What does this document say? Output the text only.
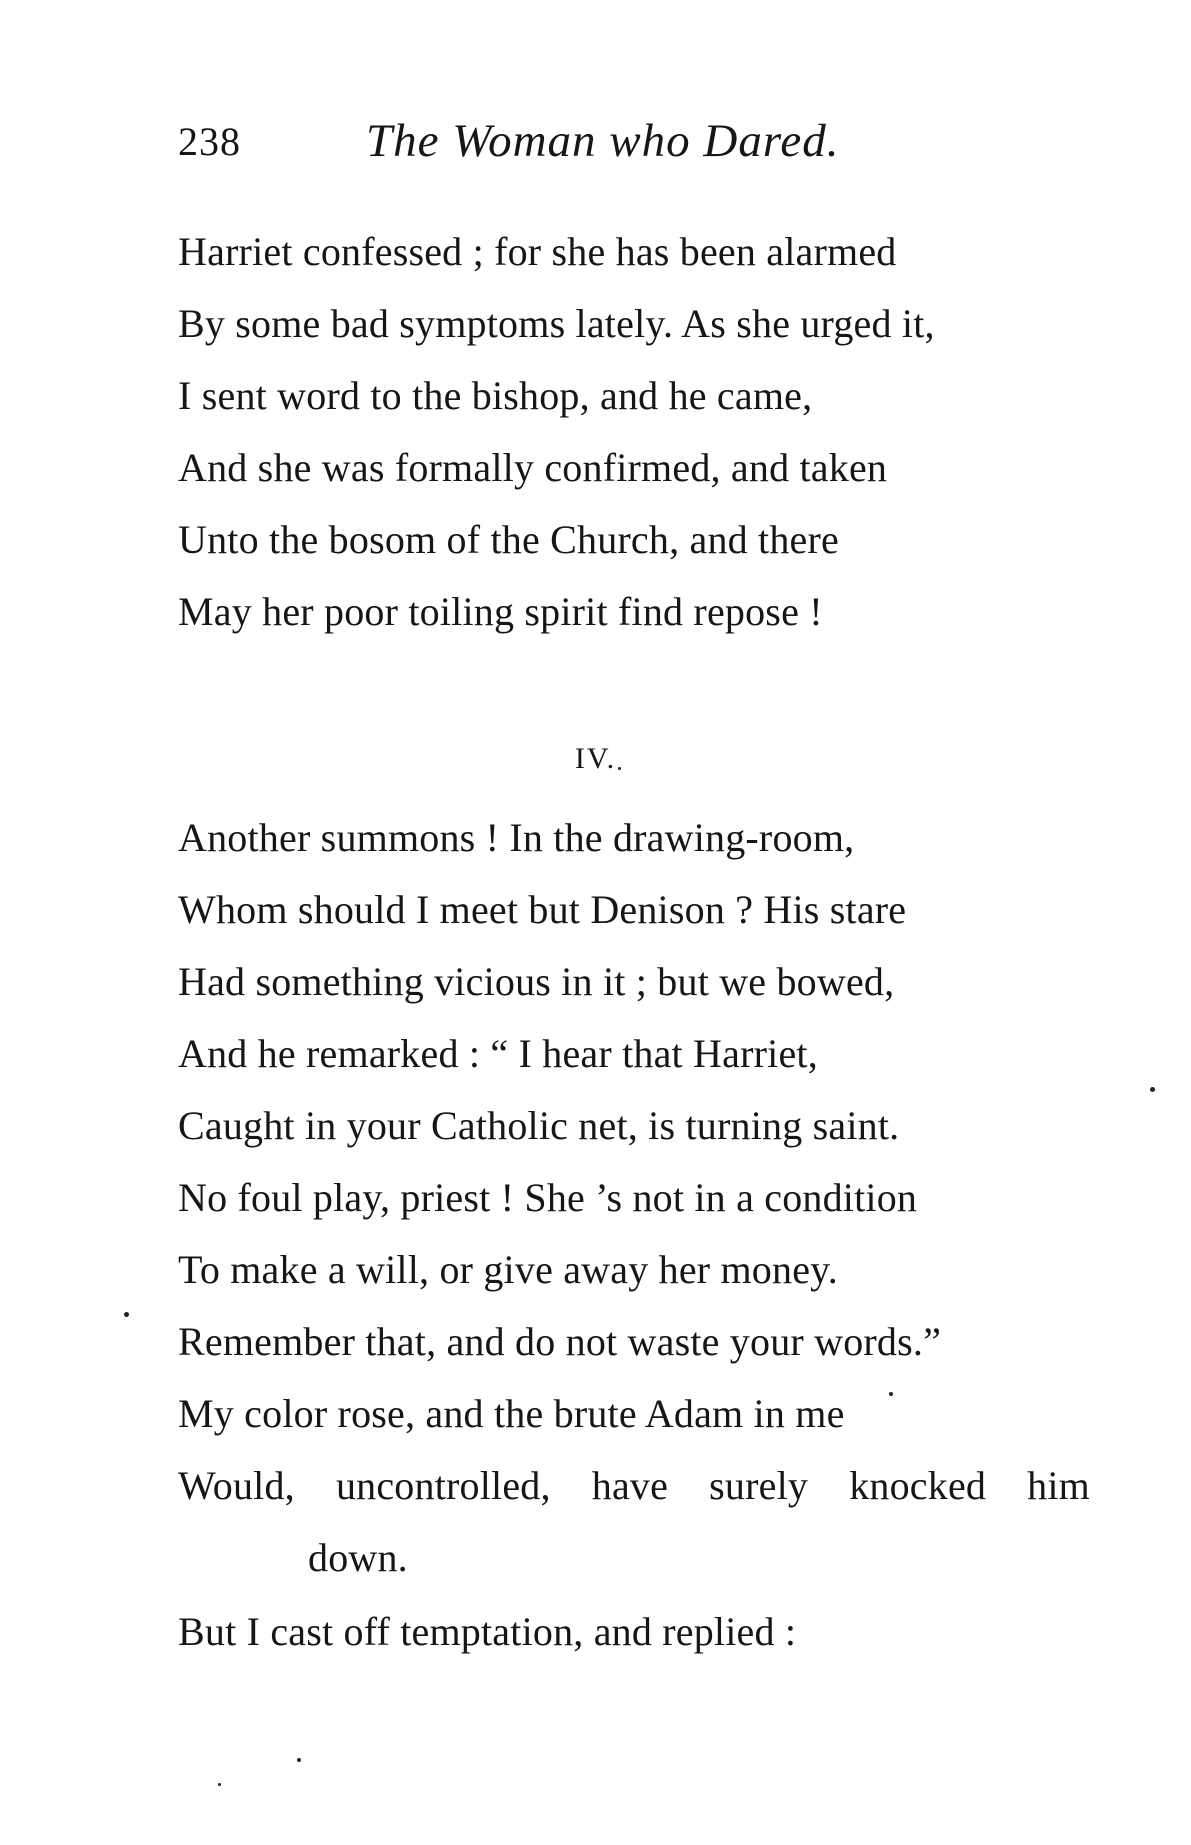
238	The Woman who Dared.
Harriet confessed ; for she has been alarmed
By some bad symptoms lately. As she urged it,
I sent word to the bishop, and he came,
And she was formally confirmed, and taken
Unto the bosom of the Church, and there
May her poor toiling spirit find repose !
IV.
Another summons ! In the drawing-room,
Whom should I meet but Denison ? His stare
Had something vicious in it ; but we bowed,
And he remarked : “ I hear that Harriet,
Caught in your Catholic net, is turning saint.
No foul play, priest ! She ’s not in a condition
To make a will, or give away her money.
Remember that, and do not waste your words.”
My color rose, and the brute Adam in me
Would, uncontrolled, have surely knocked him
down.
But I cast off temptation, and replied :
